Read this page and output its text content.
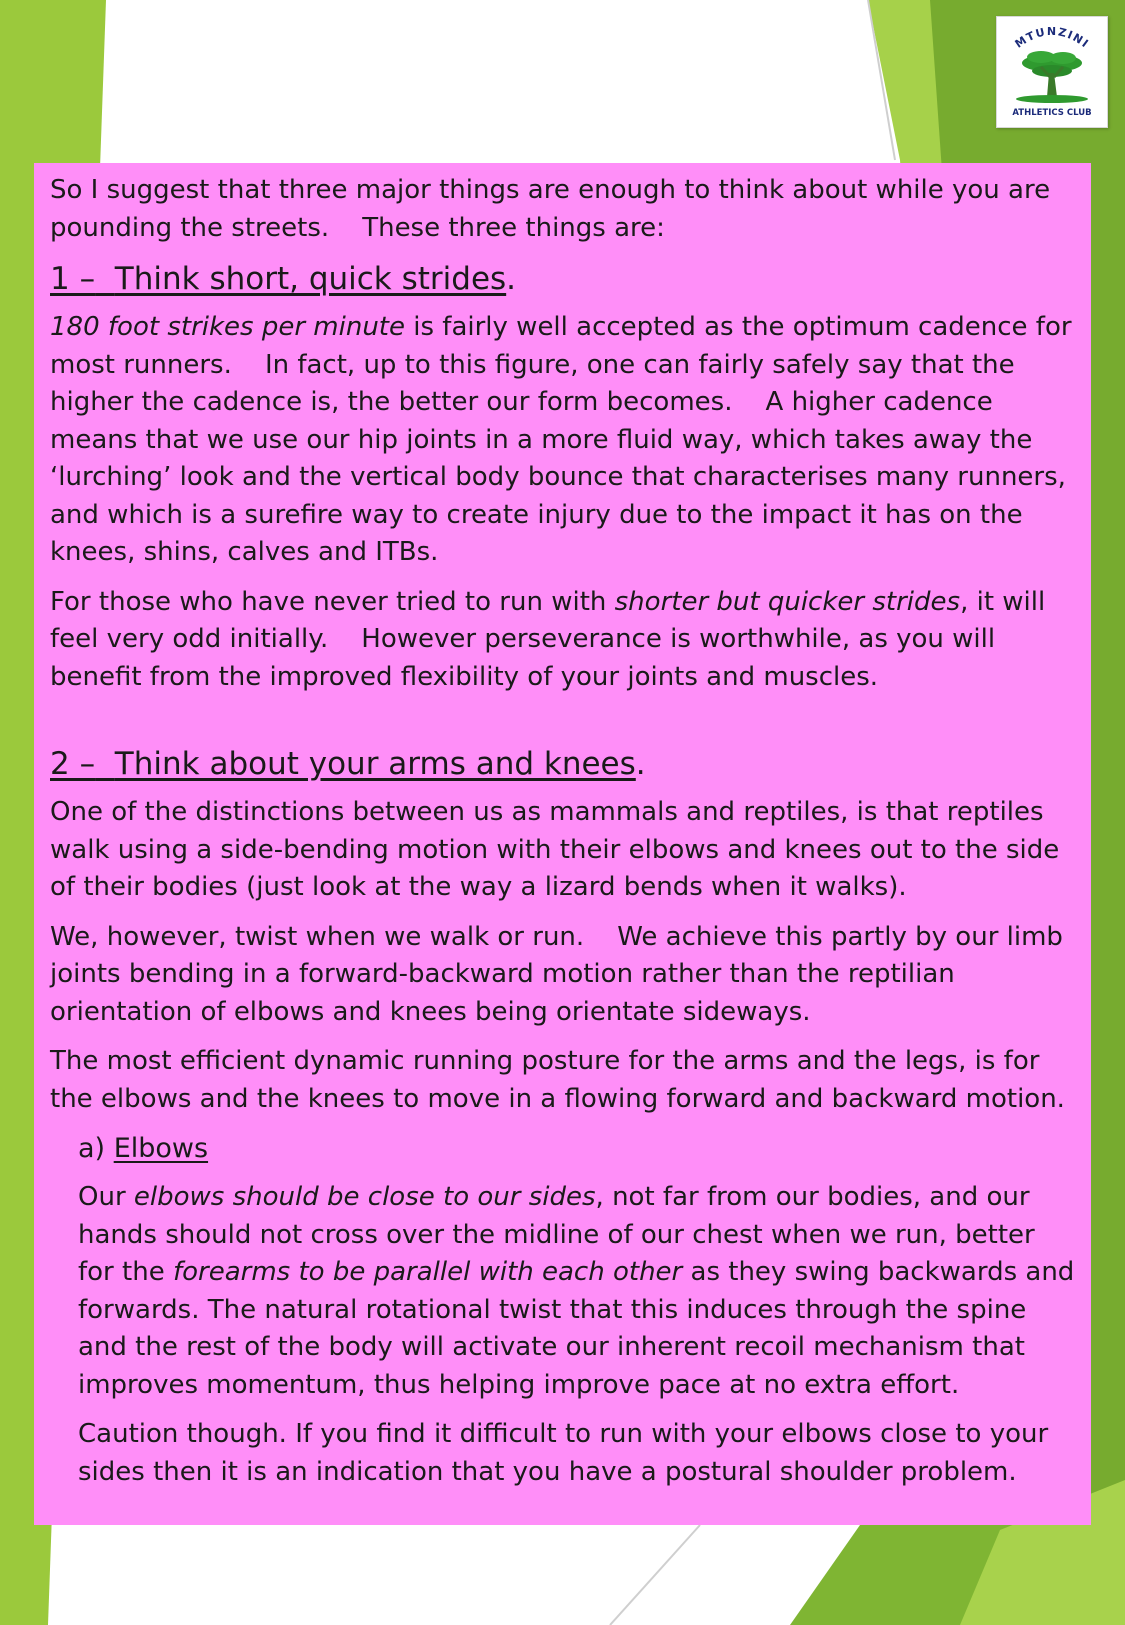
MTUNZINI
ATHLETICS CLUB

So I suggest that three major things are enough to think about while you are pounding the streets. These three things are:

1 – Think short, quick strides.

180 foot strikes per minute is fairly well accepted as the optimum cadence for most runners. In fact, up to this figure, one can fairly safely say that the higher the cadence is, the better our form becomes. A higher cadence means that we use our hip joints in a more fluid way, which takes away the ‘lurching’ look and the vertical body bounce that characterises many runners, and which is a surefire way to create injury due to the impact it has on the knees, shins, calves and ITBs.

For those who have never tried to run with shorter but quicker strides, it will feel very odd initially. However perseverance is worthwhile, as you will benefit from the improved flexibility of your joints and muscles.

2 – Think about your arms and knees.

One of the distinctions between us as mammals and reptiles, is that reptiles walk using a side-bending motion with their elbows and knees out to the side of their bodies (just look at the way a lizard bends when it walks).

We, however, twist when we walk or run. We achieve this partly by our limb joints bending in a forward-backward motion rather than the reptilian orientation of elbows and knees being orientate sideways.

The most efficient dynamic running posture for the arms and the legs, is for the elbows and the knees to move in a flowing forward and backward motion.

a) Elbows

Our elbows should be close to our sides, not far from our bodies, and our hands should not cross over the midline of our chest when we run, better for the forearms to be parallel with each other as they swing backwards and forwards. The natural rotational twist that this induces through the spine and the rest of the body will activate our inherent recoil mechanism that improves momentum, thus helping improve pace at no extra effort.

Caution though. If you find it difficult to run with your elbows close to your sides then it is an indication that you have a postural shoulder problem.
